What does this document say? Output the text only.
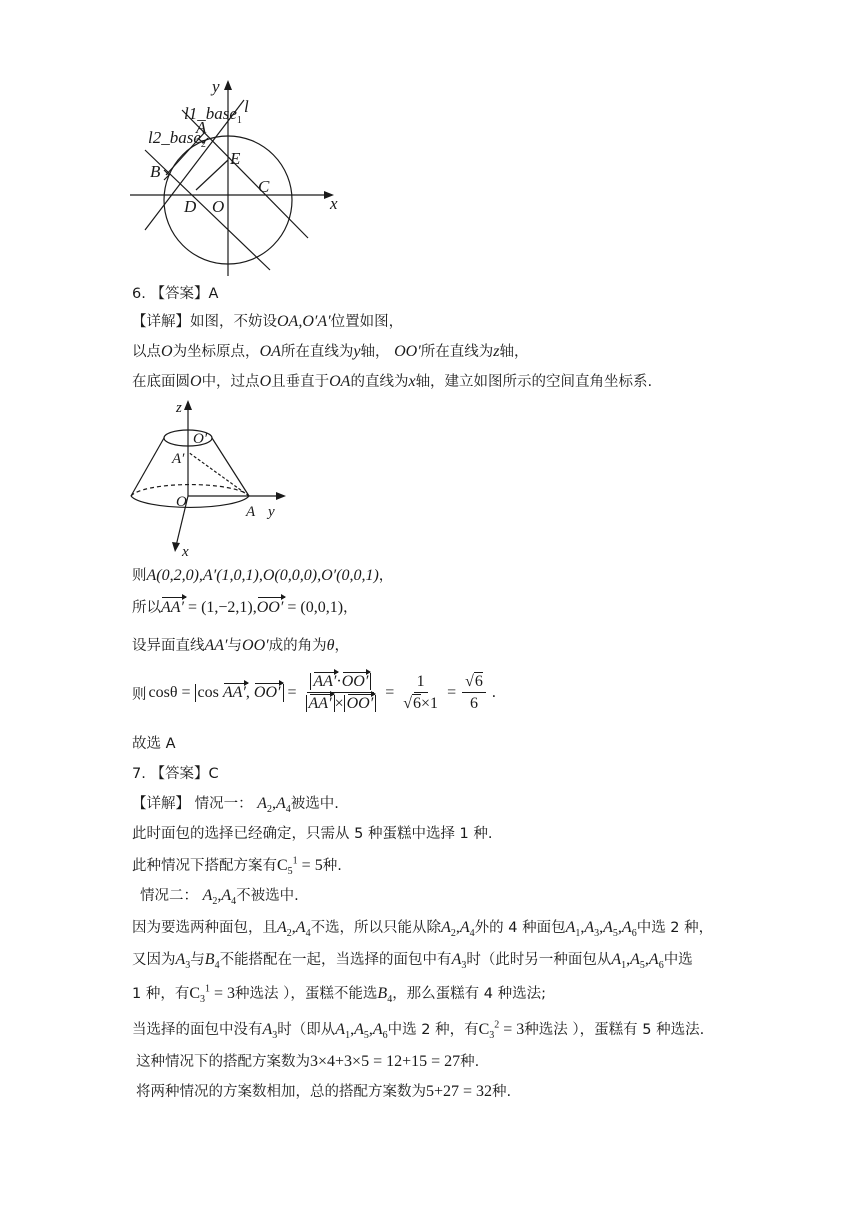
y
l
l1_base$_1$
l2_base$_2$
A
E
B
C
D O	x
6. 【答案】A
【详解】如图，不妨设OA,O′A′位置如图，
以点O为坐标原点，OA所在直线为y轴， OO′所在直线为z轴，
在底面圆O中，过点O且垂直于OA的直线为x轴，建立如图所示的空间直角坐标系.
z
O′
A′
O
A y
x
则A(0,2,0),A′(1,0,1),O(0,0,0),O′(0,0,1)，
所以AA′ = (1,−2,1),OO′ = (0,0,1)，
设异面直线AA′与OO′成的角为θ，
则 cosθ = cos AA′, $OO' = \frac{AA'\cdot OO'}{AA' \times OO'} = \frac{1}{√6\times 1} = \frac{√6}{6}$ .
故选 A
7. 【答案】C
【详解】 情况一： $A_2,A_4$被选中.
此时面包的选择已经确定，只需从 5 种蛋糕中选择 1 种.
此种情况下搭配方案有$C_5^1 = 5$种.
情况二： $A_2,A_4$不被选中.
因为要选两种面包，且$A_2,A_4$不选，所以只能从除$A_2,A_4$外的 4 种面包$A_1,A_3,A_5,A_6$中选 2 种，
又因为$A_3$与$B_4$不能搭配在一起，当选择的面包中有$A_3$时（此时另一种面包从$A_1,A_5,A_6$中选
1 种，有$C_3^1 = 3$种选法 ），蛋糕不能选$B_4$，那么蛋糕有 4 种选法;
当选择的面包中没有$A_3$时（即从$A_1,A_5,A_6$中选 2 种，有$C_3^2 = 3$种选法 ），蛋糕有 5 种选法.
这种情况下的搭配方案数为3×4+3×5 = 12+15 = 27种.
将两种情况的方案数相加，总的搭配方案数为5+27 = 32种.
